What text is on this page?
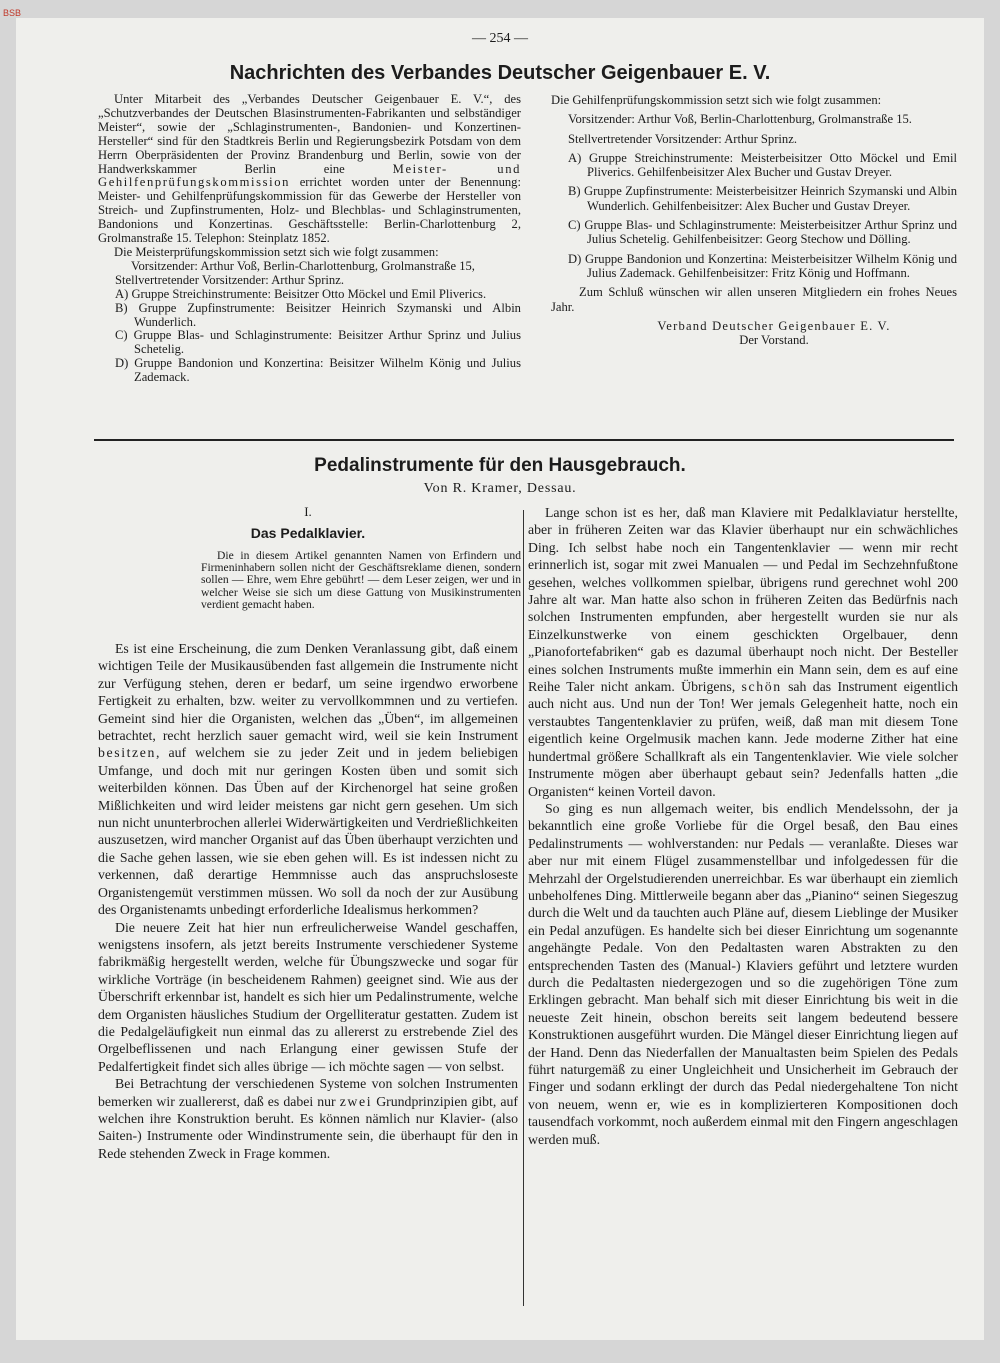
BSB
— 254 —
Nachrichten des Verbandes Deutscher Geigenbauer E. V.

Unter Mitarbeit des „Verbandes Deutscher Geigenbauer E. V.“, des „Schutzverbandes der Deutschen Blasinstrumenten-Fabrikanten und selbständiger Meister“, sowie der „Schlaginstrumenten-, Bandonien- und Konzertinen-Hersteller“ sind für den Stadtkreis Berlin und Regierungsbezirk Potsdam von dem Herrn Oberpräsidenten der Provinz Brandenburg und Berlin, sowie von der Handwerkskammer Berlin eine	Meister- und Gehilfenprüfungskommission errichtet worden unter der Benennung: Meister- und Gehilfenprüfungskommission für das Gewerbe der Hersteller von Streich- und Zupfinstrumenten, Holz- und Blechblas- und Schlaginstrumenten, Bandonions und Konzertinas. Geschäftsstelle: Berlin-Charlottenburg 2, Grolmanstraße 15. Telephon: Steinplatz 1852.

Die Meisterprüfungskommission setzt sich wie folgt zusammen:

Vorsitzender: Arthur Voß, Berlin-Charlottenburg, Grolmanstraße 15,

Stellvertretender Vorsitzender: Arthur Sprinz.

A) Gruppe Streichinstrumente: Beisitzer Otto Möckel und Emil Pliverics.

B) Gruppe Zupfinstrumente: Beisitzer Heinrich Szymanski und Albin Wunderlich.

C) Gruppe Blas- und Schlaginstrumente: Beisitzer Arthur Sprinz und Julius Schetelig.

D) Gruppe Bandonion und Konzertina: Beisitzer Wilhelm König und Julius Zademack.

Die Gehilfenprüfungskommission setzt sich wie folgt zusammen:

Vorsitzender: Arthur Voß, Berlin-Charlottenburg, Grolmanstraße 15.

Stellvertretender Vorsitzender: Arthur Sprinz.

A) Gruppe Streichinstrumente: Meisterbeisitzer Otto Möckel und Emil Pliverics. Gehilfenbeisitzer Alex Bucher und Gustav Dreyer.

B) Gruppe Zupfinstrumente: Meisterbeisitzer Heinrich Szymanski und Albin Wunderlich. Gehilfenbeisitzer: Alex Bucher und Gustav Dreyer.

C) Gruppe Blas- und Schlaginstrumente: Meisterbeisitzer Arthur Sprinz und Julius Schetelig. Gehilfenbeisitzer: Georg Stechow und Dölling.

D) Gruppe Bandonion und Konzertina: Meisterbeisitzer Wilhelm König und Julius Zademack. Gehilfenbeisitzer: Fritz König und Hoffmann.

Zum Schluß wünschen wir allen unseren Mitgliedern ein frohes Neues Jahr.

Verband Deutscher Geigenbauer E. V.

Der Vorstand.

Pedalinstrumente für den Hausgebrauch.
Von R. Kramer, Dessau.
I.
Das Pedalklavier.

Die in diesem Artikel genannten Namen von Erfindern und Firmeninhabern sollen nicht der Geschäftsreklame dienen, sondern sollen — Ehre, wem Ehre gebührt! — dem Leser zeigen, wer und in welcher Weise sie sich um diese Gattung von Musikinstrumenten verdient gemacht haben.

Es ist eine Erscheinung, die zum Denken Veranlassung gibt, daß einem wichtigen Teile der Musikausübenden fast allgemein die Instrumente nicht zur Verfügung stehen, deren er bedarf, um seine irgendwo erworbene Fertigkeit zu erhalten, bzw. weiter zu vervollkommnen und zu vertiefen. Gemeint sind hier die Organisten, welchen das „Üben“, im allgemeinen betrachtet, recht herzlich sauer gemacht wird, weil sie kein Instrument besitzen, auf welchem sie zu jeder Zeit und in jedem beliebigen Umfange, und doch mit nur geringen Kosten üben und somit sich weiterbilden können. Das Üben auf der Kirchenorgel hat seine großen Mißlichkeiten und wird leider meistens gar nicht gern gesehen. Um sich nun nicht ununterbrochen allerlei Widerwärtigkeiten und Verdrießlichkeiten auszusetzen, wird mancher Organist auf das Üben überhaupt verzichten und die Sache gehen lassen, wie sie eben gehen will. Es ist indessen nicht zu verkennen, daß derartige Hemmnisse auch das anspruchsloseste Organistengemüt verstimmen müssen. Wo soll da noch der zur Ausübung des Organistenamts unbedingt erforderliche Idealismus herkommen?

Die neuere Zeit hat hier nun erfreulicherweise Wandel geschaffen, wenigstens insofern, als jetzt bereits Instrumente verschiedener Systeme fabrikmäßig hergestellt werden, welche für Übungszwecke und sogar für wirkliche Vorträge (in bescheidenem Rahmen) geeignet sind. Wie aus der Überschrift erkennbar ist, handelt es sich hier um Pedalinstrumente, welche dem Organisten häusliches Studium der Orgelliteratur gestatten. Zudem ist die Pedalgeläufigkeit nun einmal das zu allererst zu erstrebende Ziel des Orgelbeflissenen und nach Erlangung einer gewissen Stufe der Pedalfertigkeit findet sich alles übrige — ich möchte sagen — von selbst.

Bei Betrachtung der verschiedenen Systeme von solchen Instrumenten bemerken wir zuallererst, daß es dabei nur zwei Grundprinzipien gibt, auf welchen ihre Konstruktion beruht. Es können nämlich nur Klavier- (also Saiten-) Instrumente oder Windinstrumente sein, die überhaupt für den in Rede stehenden Zweck in Frage kommen.

Lange schon ist es her, daß man Klaviere mit Pedalklaviatur herstellte, aber in früheren Zeiten war das Klavier überhaupt nur ein schwächliches Ding. Ich selbst habe noch ein Tangentenklavier — wenn mir recht erinnerlich ist, sogar mit zwei Manualen — und Pedal im Sechzehnfußtone gesehen, welches vollkommen spielbar, übrigens rund gerechnet wohl 200 Jahre alt war. Man hatte also schon in früheren Zeiten das Bedürfnis nach solchen Instrumenten empfunden, aber hergestellt wurden sie nur als Einzelkunstwerke von einem geschickten Orgelbauer, denn „Pianofortefabriken“ gab es dazumal überhaupt noch nicht. Der Besteller eines solchen Instruments mußte immerhin ein Mann sein, dem es auf eine Reihe Taler nicht ankam. Übrigens, schön sah das Instrument eigentlich auch nicht aus. Und nun der Ton! Wer jemals Gelegenheit hatte, noch ein verstaubtes Tangentenklavier zu prüfen, weiß, daß man mit diesem Tone eigentlich keine Orgelmusik machen kann. Jede moderne Zither hat eine hundertmal größere Schallkraft als ein Tangentenklavier. Wie viele solcher Instrumente mögen aber überhaupt gebaut sein? Jedenfalls hatten „die Organisten“ keinen Vorteil davon.

So ging es nun allgemach weiter, bis endlich Mendelssohn, der ja bekanntlich eine große Vorliebe für die Orgel besaß, den Bau eines Pedalinstruments — wohlverstanden: nur Pedals — veranlaßte. Dieses war aber nur mit einem Flügel zusammenstellbar und infolgedessen für die Mehrzahl der Orgelstudierenden unerreichbar. Es war überhaupt ein ziemlich unbeholfenes Ding. Mittlerweile begann aber das „Pianino“ seinen Siegeszug durch die Welt und da tauchten auch Pläne auf, diesem Lieblinge der Musiker ein Pedal anzufügen. Es handelte sich bei dieser Einrichtung um sogenannte angehängte Pedale. Von den Pedaltasten waren Abstrakten zu den entsprechenden Tasten des (Manual-) Klaviers geführt und letztere wurden durch die Pedaltasten niedergezogen und so die zugehörigen Töne zum Erklingen gebracht. Man behalf sich mit dieser Einrichtung bis weit in die neueste Zeit hinein, obschon bereits seit langem bedeutend bessere Konstruktionen ausgeführt wurden. Die Mängel dieser Einrichtung liegen auf der Hand. Denn das Niederfallen der Manualtasten beim Spielen des Pedals führt naturgemäß zu einer Ungleichheit und Unsicherheit im Gebrauch der Finger und sodann erklingt der durch das Pedal niedergehaltene Ton nicht von neuem, wenn er, wie es in komplizierteren Kompositionen doch tausendfach vorkommt, noch außerdem einmal mit den Fingern angeschlagen werden muß.
